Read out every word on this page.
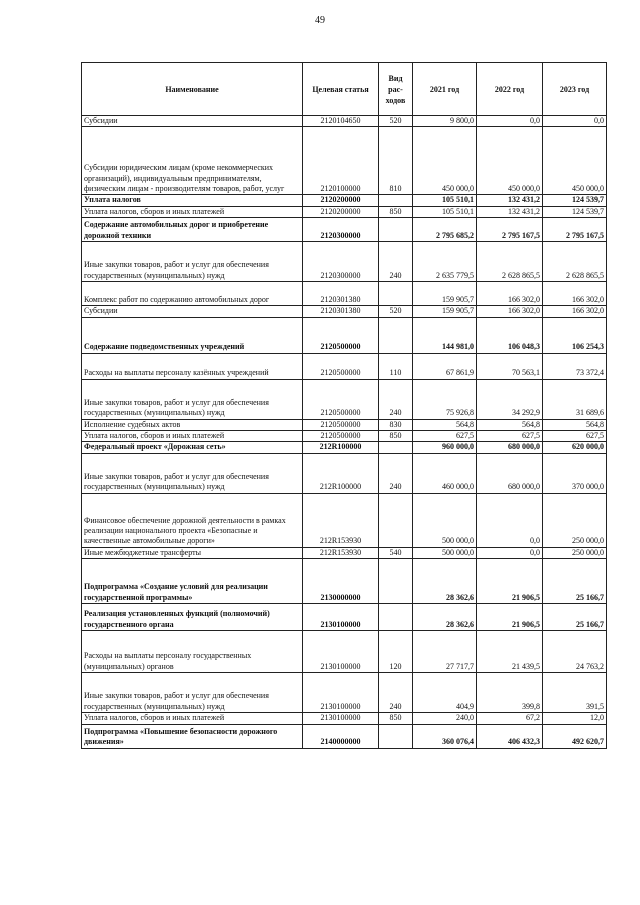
49
Наименование	Целевая статья	Вид рас-ходов	2021 год	2022 год	2023 год
Субсидии	2120104650	520	9 800,0	0,0	0,0
Субсидии юридическим лицам (кроме некоммерческих организаций), индивидуальным предпринимателям, физическим лицам - производителям товаров, работ, услуг	2120100000	810	450 000,0	450 000,0	450 000,0
Уплата налогов	2120200000		105 510,1	132 431,2	124 539,7
Уплата налогов, сборов и иных платежей	2120200000	850	105 510,1	132 431,2	124 539,7
Содержание автомобильных дорог и приобретение дорожной техники	2120300000		2 795 685,2	2 795 167,5	2 795 167,5
Иные закупки товаров, работ и услуг для обеспечения государственных (муниципальных) нужд	2120300000	240	2 635 779,5	2 628 865,5	2 628 865,5
Комплекс работ по содержанию автомобильных дорог	2120301380		159 905,7	166 302,0	166 302,0
Субсидии	2120301380	520	159 905,7	166 302,0	166 302,0
Содержание подведомственных учреждений	2120500000		144 981,0	106 048,3	106 254,3
Расходы на выплаты персоналу казённых учреждений	2120500000	110	67 861,9	70 563,1	73 372,4
Иные закупки товаров, работ и услуг для обеспечения государственных (муниципальных) нужд	2120500000	240	75 926,8	34 292,9	31 689,6
Исполнение судебных актов	2120500000	830	564,8	564,8	564,8
Уплата налогов, сборов и иных платежей	2120500000	850	627,5	627,5	627,5
Федеральный проект «Дорожная сеть»	212R100000		960 000,0	680 000,0	620 000,0
Иные закупки товаров, работ и услуг для обеспечения государственных (муниципальных) нужд	212R100000	240	460 000,0	680 000,0	370 000,0
Финансовое обеспечение дорожной деятельности в рамках реализации национального проекта «Безопасные и качественные автомобильные дороги»	212R153930		500 000,0	0,0	250 000,0
Иные межбюджетные трансферты	212R153930	540	500 000,0	0,0	250 000,0
Подпрограмма «Создание условий для реализации государственной программы»	2130000000		28 362,6	21 906,5	25 166,7
Реализация установленных функций (полномочий) государственного органа	2130100000		28 362,6	21 906,5	25 166,7
Расходы на выплаты персоналу государственных (муниципальных) органов	2130100000	120	27 717,7	21 439,5	24 763,2
Иные закупки товаров, работ и услуг для обеспечения государственных (муниципальных) нужд	2130100000	240	404,9	399,8	391,5
Уплата налогов, сборов и иных платежей	2130100000	850	240,0	67,2	12,0
Подпрограмма «Повышение безопасности дорожного движения»	2140000000		360 076,4	406 432,3	492 620,7
